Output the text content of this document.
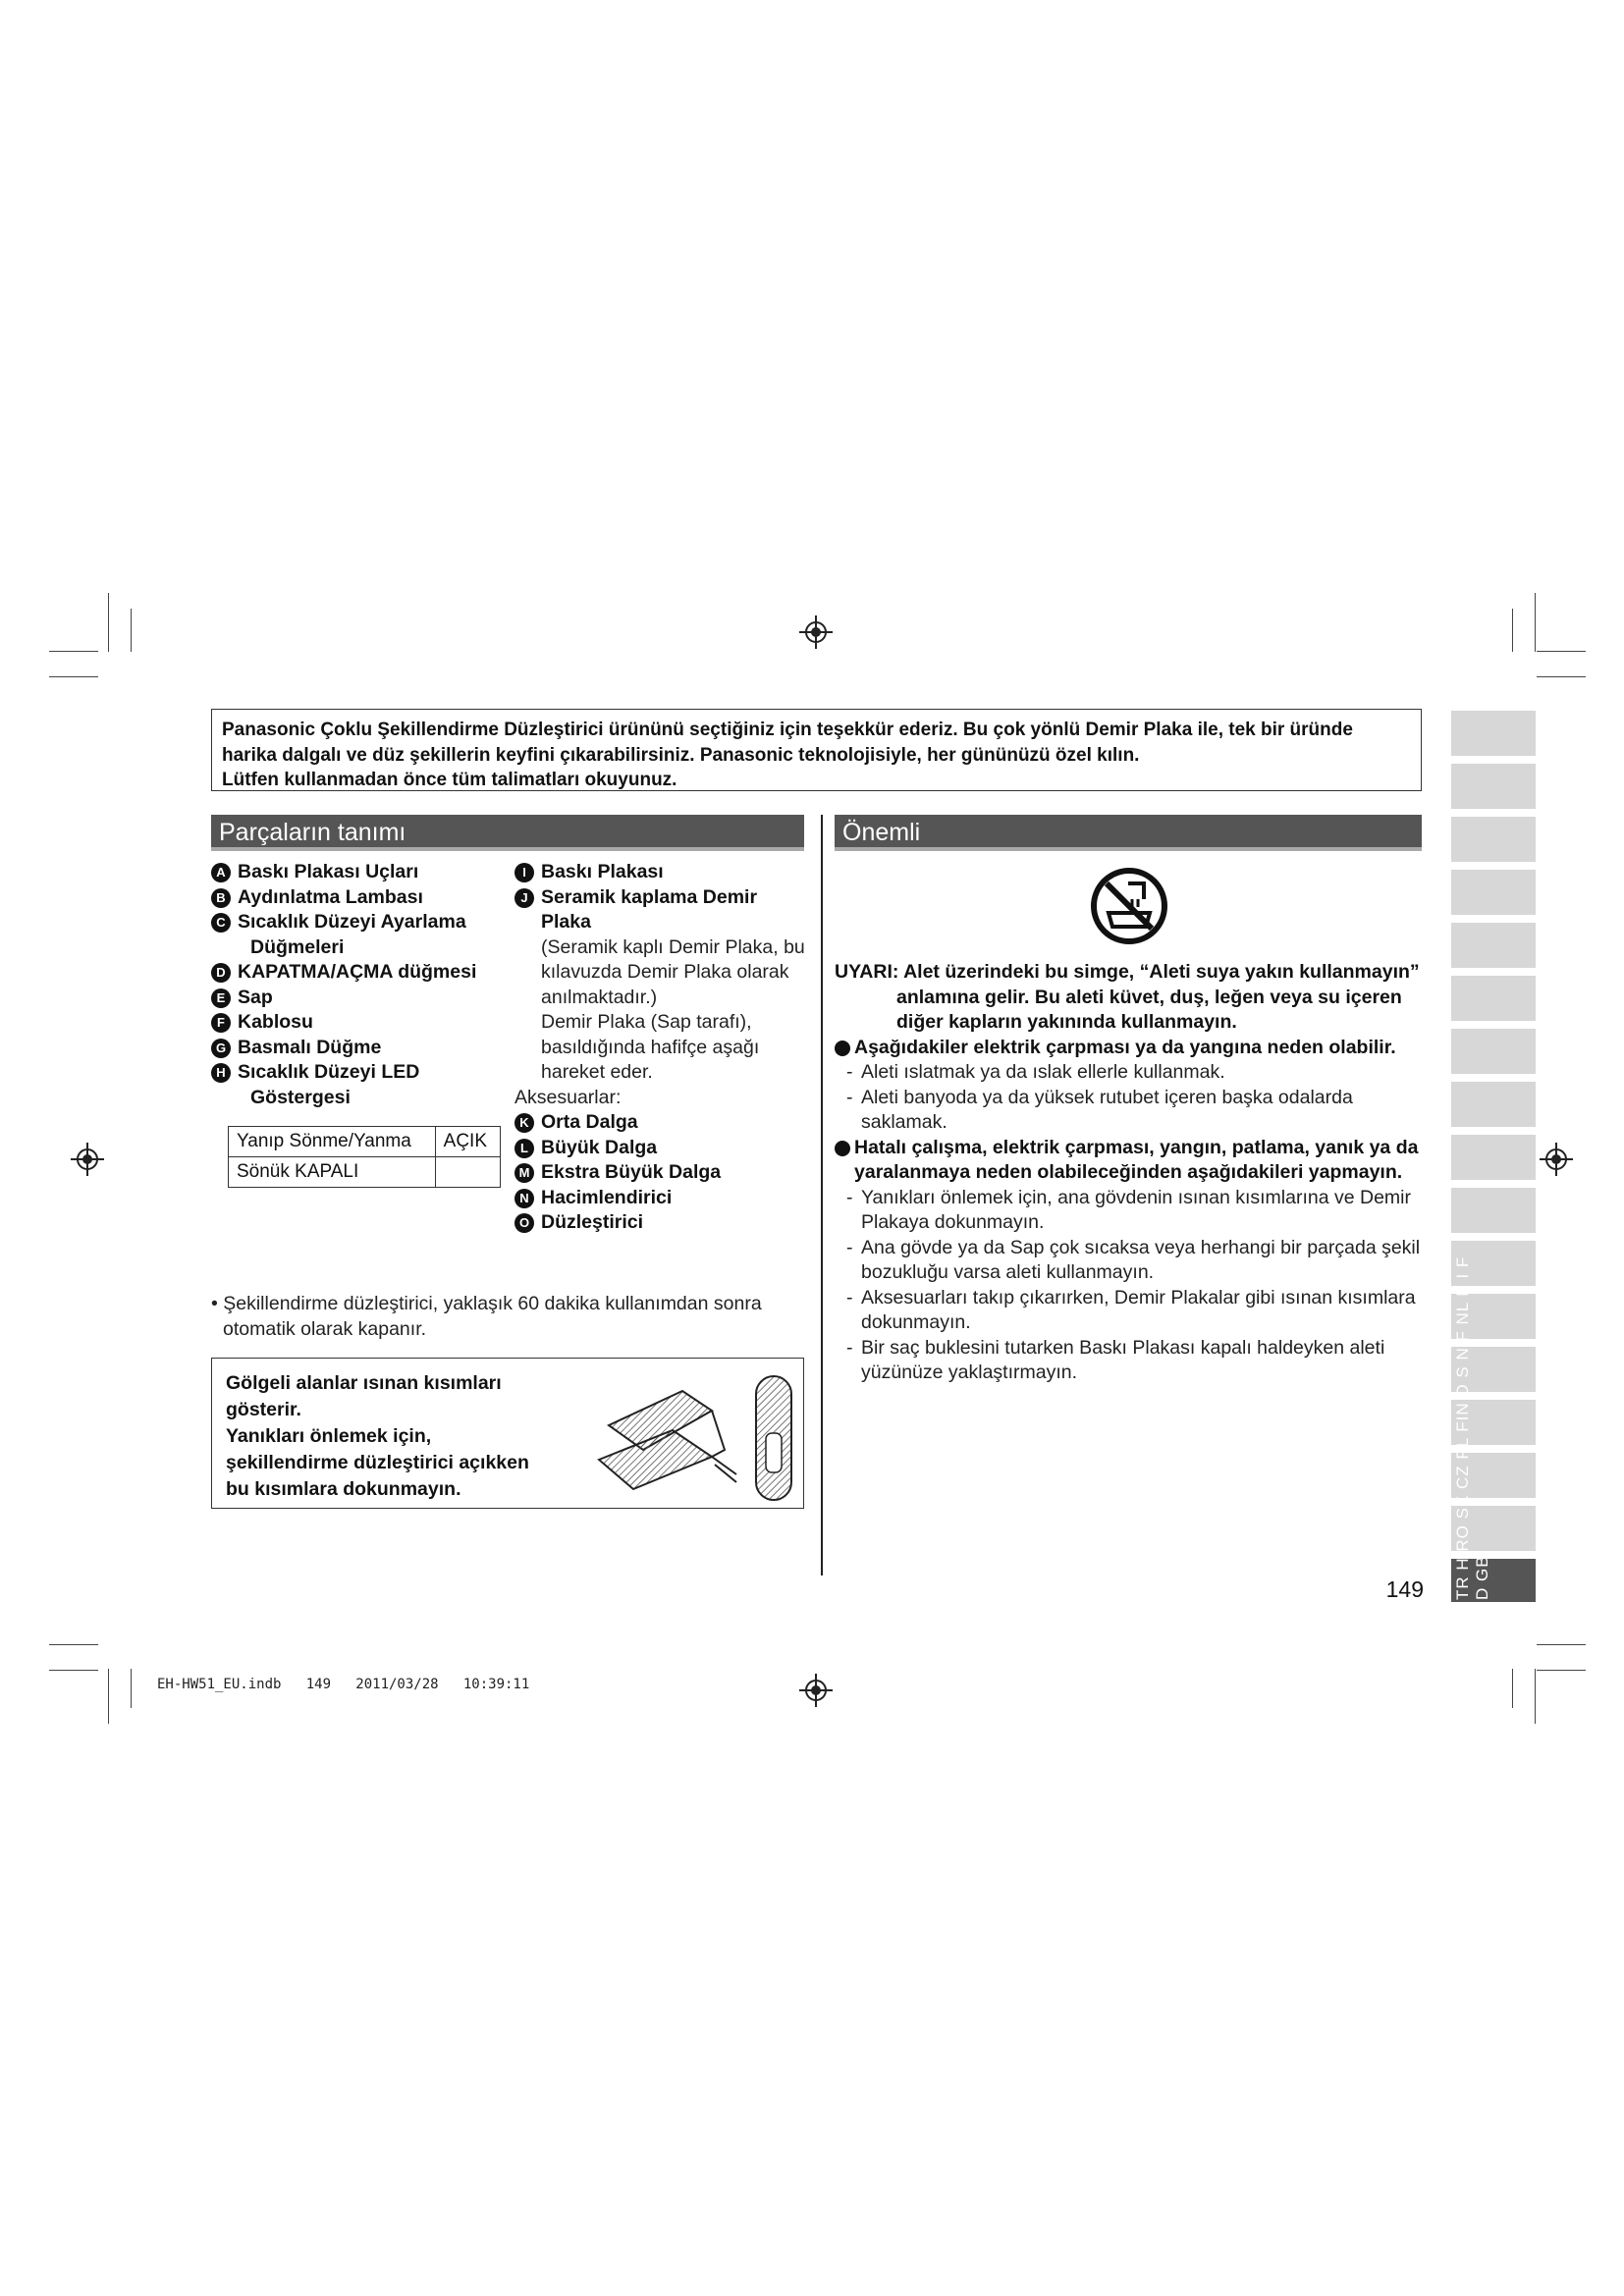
Panasonic Çoklu Şekillendirme Düzleştirici ürününü seçtiğiniz için teşekkür ederiz. Bu çok yönlü Demir Plaka ile, tek bir üründe

harika dalgalı ve düz şekillerin keyfini çıkarabilirsiniz. Panasonic teknolojisiyle, her gününüzü özel kılın.

Lütfen kullanmadan önce tüm talimatları okuyunuz.

Parçaların tanımı
A Baskı Plakası Uçları
B Aydınlatma Lambası
C Sıcaklık Düzeyi Ayarlama
Düğmeleri
D KAPATMA/AÇMA düğmesi
E Sap
F Kablosu
G Basmalı Düğme
H Sıcaklık Düzeyi LED
Göstergesi
Yanıp Sönme/Yanma	AÇIK
Sönük KAPALI	
I Baskı Plakası
J Seramik kaplama Demir
Plaka
(Seramik kaplı Demir Plaka, bu
kılavuzda Demir Plaka olarak
anılmaktadır.)
Demir Plaka (Sap tarafı),
basıldığında hafifçe aşağı
hareket eder.
Aksesuarlar:
K Orta Dalga
L Büyük Dalga
M Ekstra Büyük Dalga
N Hacimlendirici
O Düzleştirici
• Şekillendirme düzleştirici, yaklaşık 60 dakika kullanımdan sonra
otomatik olarak kapanır.
Gölgeli alanlar ısınan kısımları
gösterir.
Yanıkları önlemek için,
şekillendirme düzleştirici açıkken
bu kısımlara dokunmayın.
Önemli
UYARI: Alet üzerindeki bu simge, “Aleti suya yakın kullanmayın”
anlamına gelir. Bu aleti küvet, duş, leğen veya su içeren
diğer kapların yakınında kullanmayın.
Aşağıdakiler elektrik çarpması ya da yangına neden olabilir.
- Aleti ıslatmak ya da ıslak ellerle kullanmak.
- Aleti banyoda ya da yüksek rutubet içeren başka odalarda
saklamak.
Hatalı çalışma, elektrik çarpması, yangın, patlama, yanık ya da
yaralanmaya neden olabileceğinden aşağıdakileri yapmayın.
- Yanıkları önlemek için, ana gövdenin ısınan kısımlarına ve Demir
Plakaya dokunmayın.
- Ana gövde ya da Sap çok sıcaksa veya herhangi bir parçada şekil
bozukluğu varsa aleti kullanmayın.
- Aksesuarları takıp çıkarırken, Demir Plakalar gibi ısınan kısımlara
dokunmayın.
- Bir saç buklesini tutarken Baskı Plakası kapalı haldeyken aleti
yüzünüze yaklaştırmayın.	TR H RO SK CZ PL FIN D S N F NL E I F D GB
149
EH-HW51_EU.indb   149   2011/03/28   10:39:11
